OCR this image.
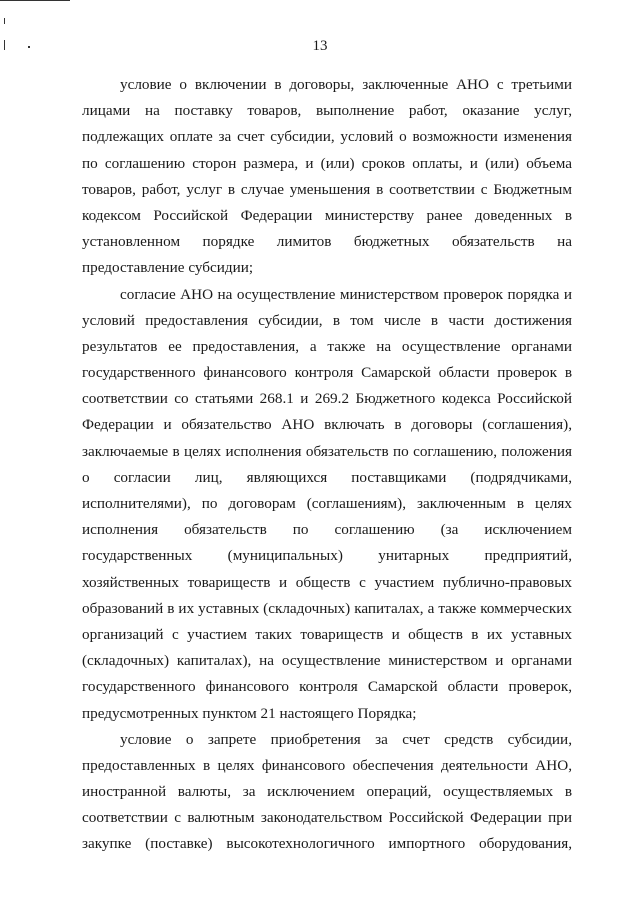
13
условие о включении в договоры, заключенные АНО с третьими
лицами на поставку товаров, выполнение работ, оказание услуг,
подлежащих оплате за счет субсидии, условий о возможности изменения
по соглашению сторон размера, и (или) сроков оплаты, и (или) объема
товаров, работ, услуг в случае уменьшения в соответствии с Бюджетным
кодексом Российской Федерации министерству ранее доведенных в
установленном порядке лимитов бюджетных обязательств на
предоставление субсидии;
согласие АНО на осуществление министерством проверок порядка и
условий предоставления субсидии, в том числе в части достижения
результатов ее предоставления, а также на осуществление органами
государственного финансового контроля Самарской области проверок в
соответствии со статьями 268.1 и 269.2 Бюджетного кодекса Российской
Федерации и обязательство АНО включать в договоры (соглашения),
заключаемые в целях исполнения обязательств по соглашению, положения
о согласии лиц, являющихся поставщиками (подрядчиками,
исполнителями), по договорам (соглашениям), заключенным в целях
исполнения обязательств по соглашению (за исключением
государственных (муниципальных) унитарных предприятий,
хозяйственных товариществ и обществ с участием публично-правовых
образований в их уставных (складочных) капиталах, а также коммерческих
организаций с участием таких товариществ и обществ в их уставных
(складочных) капиталах), на осуществление министерством и органами
государственного финансового контроля Самарской области проверок,
предусмотренных пунктом 21 настоящего Порядка;
условие о запрете приобретения за счет средств субсидии,
предоставленных в целях финансового обеспечения деятельности АНО,
иностранной валюты, за исключением операций, осуществляемых в
соответствии с валютным законодательством Российской Федерации при
закупке (поставке) высокотехнологичного импортного оборудования,
